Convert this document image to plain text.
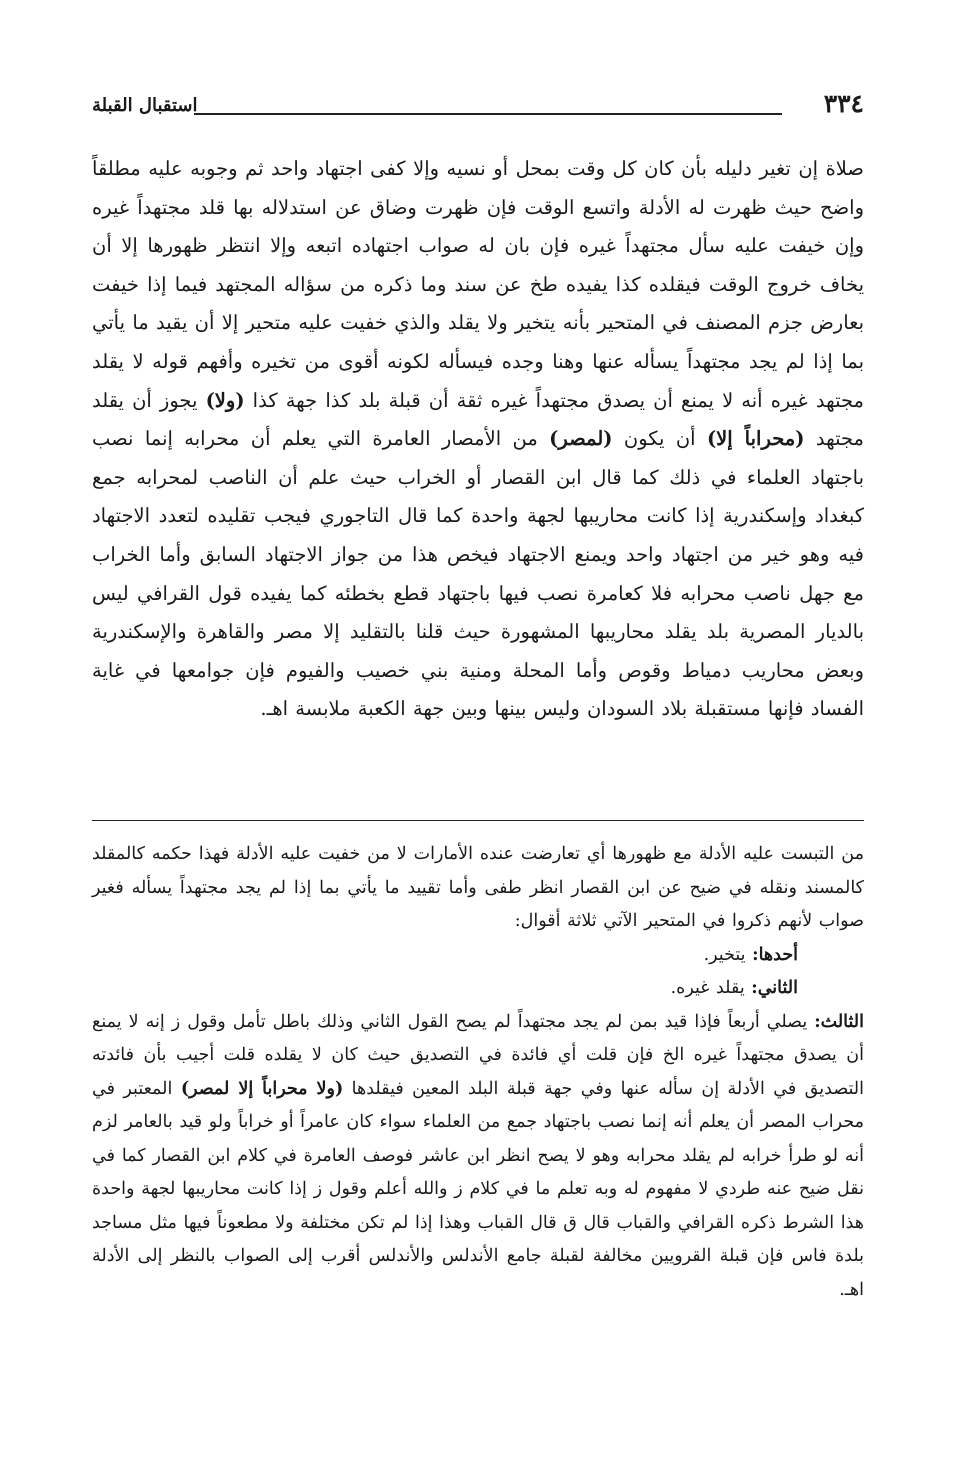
٣٣٤
استقبال القبلة

صلاة إن تغير دليله بأن كان كل وقت بمحل أو نسيه وإلا كفى اجتهاد واحد ثم وجوبه عليه مطلقاً واضح حيث ظهرت له الأدلة واتسع الوقت فإن ظهرت وضاق عن استدلاله بها قلد مجتهداً غيره وإن خيفت عليه سأل مجتهداً غيره فإن بان له صواب اجتهاده اتبعه وإلا انتظر ظهورها إلا أن يخاف خروج الوقت فيقلده كذا يفيده طخ عن سند وما ذكره من سؤاله المجتهد فيما إذا خيفت بعارض جزم المصنف في المتحير بأنه يتخير ولا يقلد والذي خفيت عليه متحير إلا أن يقيد ما يأتي بما إذا لم يجد مجتهداً يسأله عنها وهنا وجده فيسأله لكونه أقوى من تخيره وأفهم قوله لا يقلد مجتهد غيره أنه لا يمنع أن يصدق مجتهداً غيره ثقة أن قبلة بلد كذا جهة كذا (ولا) يجوز أن يقلد مجتهد (محراباً إلا) أن يكون (لمصر) من الأمصار العامرة التي يعلم أن محرابه إنما نصب باجتهاد العلماء في ذلك كما قال ابن القصار أو الخراب حيث علم أن الناصب لمحرابه جمع كبغداد وإسكندرية إذا كانت محاريبها لجهة واحدة كما قال التاجوري فيجب تقليده لتعدد الاجتهاد فيه وهو خير من اجتهاد واحد ويمنع الاجتهاد فيخص هذا من جواز الاجتهاد السابق وأما الخراب مع جهل ناصب محرابه فلا كعامرة نصب فيها باجتهاد قطع بخطئه كما يفيده قول القرافي ليس بالديار المصرية بلد يقلد محاريبها المشهورة حيث قلنا بالتقليد إلا مصر والقاهرة والإسكندرية وبعض محاريب دمياط وقوص وأما المحلة ومنية بني خصيب والفيوم فإن جوامعها في غاية الفساد فإنها مستقبلة بلاد السودان وليس بينها وبين جهة الكعبة ملابسة اهـ.

من التبست عليه الأدلة مع ظهورها أي تعارضت عنده الأمارات لا من خفيت عليه الأدلة فهذا حكمه كالمقلد كالمسند ونقله في ضيح عن ابن القصار انظر طفى وأما تقييد ما يأتي بما إذا لم يجد مجتهداً يسأله فغير صواب لأنهم ذكروا في المتحير الآتي ثلاثة أقوال:

أحدها: يتخير.

الثاني: يقلد غيره.

الثالث: يصلي أربعاً فإذا قيد بمن لم يجد مجتهداً لم يصح القول الثاني وذلك باطل تأمل وقول ز إنه لا يمنع أن يصدق مجتهداً غيره الخ فإن قلت أي فائدة في التصديق حيث كان لا يقلده قلت أجيب بأن فائدته التصديق في الأدلة إن سأله عنها وفي جهة قبلة البلد المعين فيقلدها (ولا محراباً إلا لمصر) المعتبر في محراب المصر أن يعلم أنه إنما نصب باجتهاد جمع من العلماء سواء كان عامراً أو خراباً ولو قيد بالعامر لزم أنه لو طرأ خرابه لم يقلد محرابه وهو لا يصح انظر ابن عاشر فوصف العامرة في كلام ابن القصار كما في نقل ضيح عنه طردي لا مفهوم له وبه تعلم ما في كلام ز والله أعلم وقول ز إذا كانت محاريبها لجهة واحدة هذا الشرط ذكره القرافي والقباب قال ق قال القباب وهذا إذا لم تكن مختلفة ولا مطعوناً فيها مثل مساجد بلدة فاس فإن قبلة القرويين مخالفة لقبلة جامع الأندلس والأندلس أقرب إلى الصواب بالنظر إلى الأدلة اهـ.
